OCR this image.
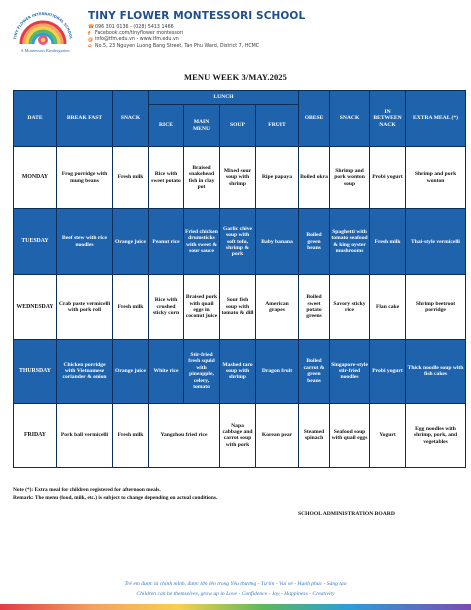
TINY FLOWER INTERNATIONAL SCHOOL
A Montessori Kindergarten
TINY FLOWER MONTESSORI SCHOOL
☎ 096 301 0136 - (028) 5413 1466
f	Facebook.com/tinyflower montessori
@ info@tfm.edu.vn - www.tfm.edu.vn
⌂ No.5, 23 Nguyen Luong Bang Street, Tan Phu Ward, District 7, HCMC
MENU WEEK 3/MAY.2025
DATE	BREAK FAST	SNACK	LUNCH				OBESE	SNACK	IN BETWEEN NACK	EXTRA MEAL (*)
			RICE	MAIN MENU	SOUP	FRUIT				
MONDAY	Frog porridge with mung beans	Fresh milk	Rice with sweet potato	Braised snakehead fish in clay pot	Mixed sour soup with shrimp	Ripe papaya	Boiled okra	Shrimp and pork wonton soup	Probi yogurt	Shrimp and pork wonton
TUESDAY	Beef stew with rice noodles	Orange juice	Peanut rice	Fried chicken drumsticks with sweet & sour sauce	Garlic chive soup with soft tofu, shrimp & pork	Baby banana	Boiled green beans	Spaghetti with tomato seafood & king oyster mushrooms	Fresh milk	Thai-style vermicelli
WEDNESDAY	Crab paste vermicelli with pork roll	Fresh milk	Rice with crushed sticky corn	Braised pork with quail eggs in coconut juice	Sour fish soup with tomato & dill	American grapes	Boiled sweet potato greens	Savory sticky rice	Flan cake	Shrimp beetroot porridge
THURSDAY	Chicken porridge with Vietnamese coriander & onion	Orange juice	White rice	Stir-fried fresh squid with pineapple, celery, tomato	Mashed taro soup with shrimp	Dragon fruit	Boiled carrot & green beans	Singapore-style stir-fried noodles	Probi yogurt	Thick noodle soup with fish cakes
FRIDAY	Pork ball vermicelli	Fresh milk	Yangzhou fried rice		Napa cabbage and carrot soup with pork	Korean pear	Steamed spinach	Seafood soup with quail eggs	Yogurt	Egg noodles with shrimp, pork, and vegetables
Note (*): Extra meal for children registered for afternoon meals.
Remark: The menu (food, milk, etc.) is subject to change depending on actual conditions.
SCHOOL ADMINISTRATION BOARD
Trẻ em được là chính mình, được lớn lên trong Yêu thương - Tự tin - Vui vẻ - Hạnh phúc - Sáng tạo
Children can be themselves, grow up in Love - Confidence - Joy - Happiness - Creativity
